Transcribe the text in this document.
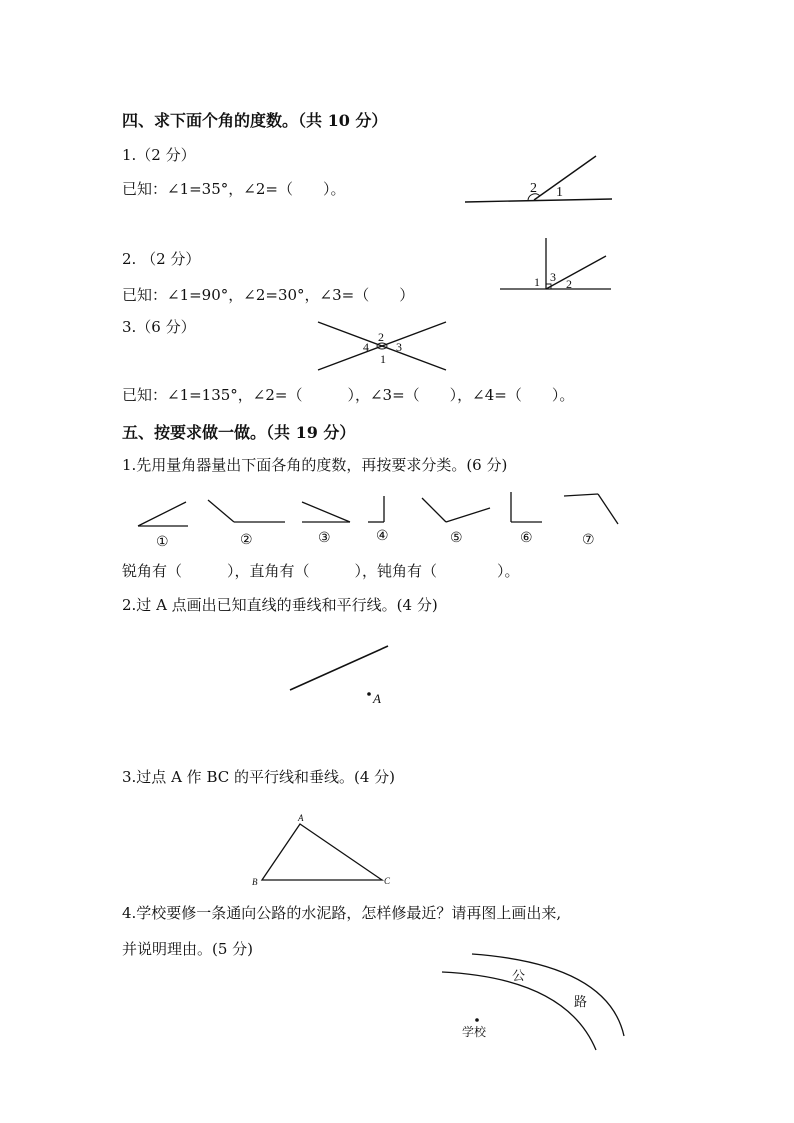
四、求下面个角的度数。（共 10 分）
1.（2 分）
已知：∠1=35°，∠2=（　　）。	2 1
2. （2 分）
已知：∠1=90°，∠2=30°，∠3=（　　）
1 3 2
3.（6 分）
2
4 3
1
已知：∠1=135°，∠2=（　　　），∠3=（　　），∠4=（　　）。
五、按要求做一做。（共 19 分）
1.先用量角器量出下面各角的度数，再按要求分类。(6 分)
①	②	③	④	⑤	⑥	⑦
锐角有（　　　），直角有（　　　），钝角有（　　　　）。
2.过 A 点画出已知直线的垂线和平行线。(4 分)
A
3.过点 A 作 BC 的平行线和垂线。(4 分)
A
B	C
4.学校要修一条通向公路的水泥路，怎样修最近？请再图上画出来,
并说明理由。(5 分)
公
路
学校
